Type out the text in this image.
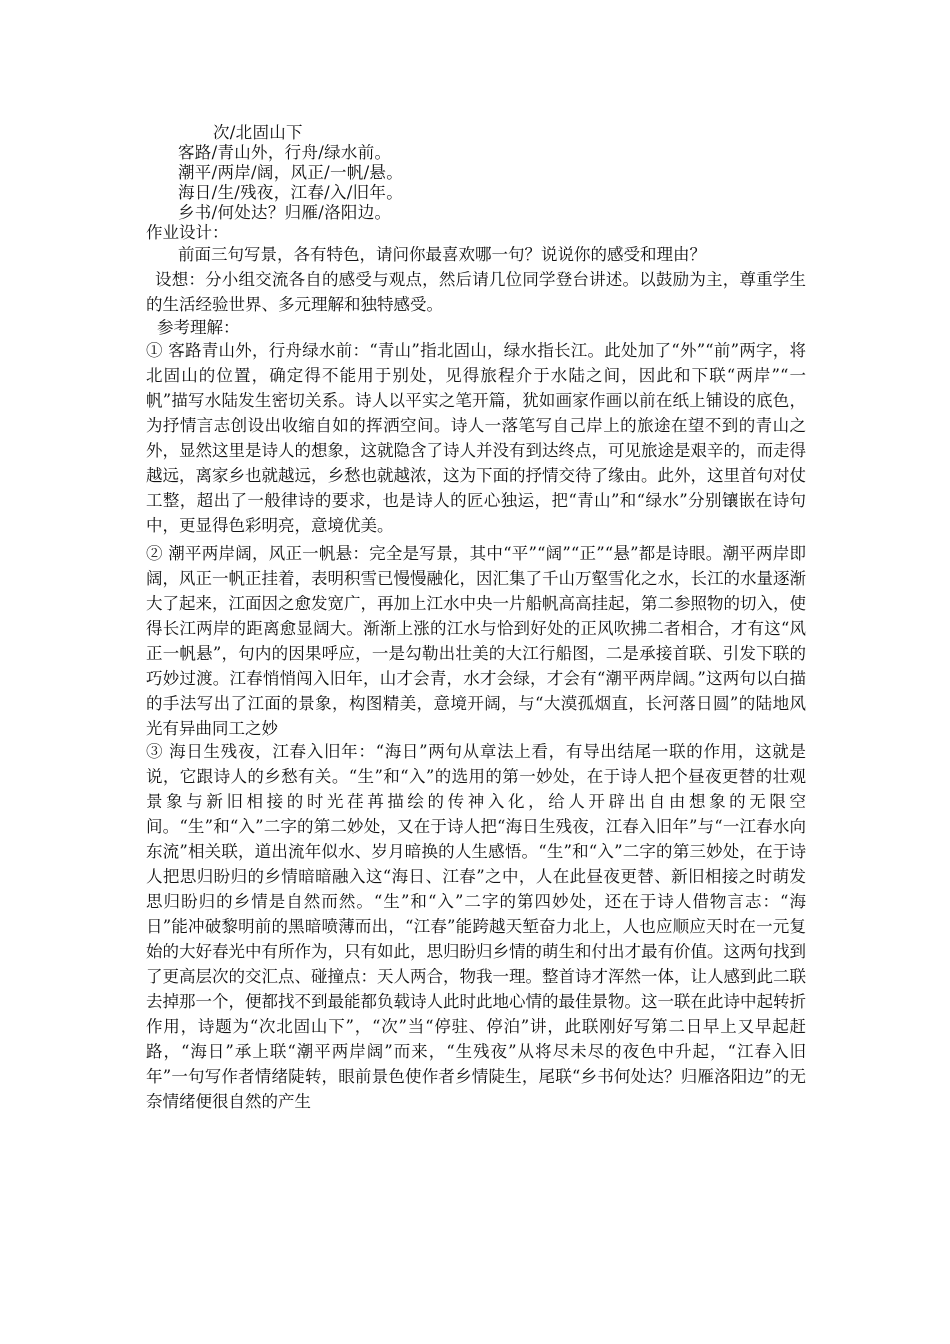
次/北固山下
客路/青山外，行舟/绿水前。
潮平/两岸/阔，风正/一帆/悬。
海日/生/残夜，江春/入/旧年。
乡书/何处达？归雁/洛阳边。
作业设计：
前面三句写景，各有特色，请问你最喜欢哪一句？说说你的感受和理由？
设想：分小组交流各自的感受与观点，然后请几位同学登台讲述。以鼓励为主，尊重学生的生活经验世界、多元理解和独特感受。
参考理解：
① 客路青山外，行舟绿水前：“青山”指北固山，绿水指长江。此处加了“外”“前”两字，将北固山的位置，确定得不能用于别处，见得旅程介于水陆之间，因此和下联“两岸”“一帆”描写水陆发生密切关系。诗人以平实之笔开篇，犹如画家作画以前在纸上铺设的底色，为抒情言志创设出收缩自如的挥洒空间。诗人一落笔写自己岸上的旅途在望不到的青山之外，显然这里是诗人的想象，这就隐含了诗人并没有到达终点，可见旅途是艰辛的，而走得越远，离家乡也就越远，乡愁也就越浓，这为下面的抒情交待了缘由。此外，这里首句对仗工整，超出了一般律诗的要求，也是诗人的匠心独运，把“青山”和“绿水”分别镶嵌在诗句中，更显得色彩明亮，意境优美。
② 潮平两岸阔，风正一帆悬：完全是写景，其中“平”“阔”“正”“悬”都是诗眼。潮平两岸即阔，风正一帆正挂着，表明积雪已慢慢融化，因汇集了千山万壑雪化之水，长江的水量逐渐大了起来，江面因之愈发宽广，再加上江水中央一片船帆高高挂起，第二参照物的切入，使得长江两岸的距离愈显阔大。渐渐上涨的江水与恰到好处的正风吹拂二者相合，才有这“风正一帆悬”，句内的因果呼应，一是勾勒出壮美的大江行船图，二是承接首联、引发下联的巧妙过渡。江春悄悄闯入旧年，山才会青，水才会绿，才会有“潮平两岸阔。”这两句以白描的手法写出了江面的景象，构图精美，意境开阔，与“大漠孤烟直，长河落日圆”的陆地风光有异曲同工之妙
③ 海日生残夜，江春入旧年：“海日”两句从章法上看，有导出结尾一联的作用，这就是说，它跟诗人的乡愁有关。“生”和“入”的选用的第一妙处，在于诗人把个昼夜更替的壮观景象与新旧相接的时光荏苒描绘的传神入化，给人开辟出自由想象的无限空间。“生”和“入”二字的第二妙处，又在于诗人把“海日生残夜，江春入旧年”与“一江春水向东流”相关联，道出流年似水、岁月暗换的人生感悟。“生”和“入”二字的第三妙处，在于诗人把思归盼归的乡情暗暗融入这“海日、江春”之中，人在此昼夜更替、新旧相接之时萌发思归盼归的乡情是自然而然。“生”和“入”二字的第四妙处，还在于诗人借物言志：“海日”能冲破黎明前的黑暗喷薄而出，“江春”能跨越天堑奋力北上，人也应顺应天时在一元复始的大好春光中有所作为，只有如此，思归盼归乡情的萌生和付出才最有价值。这两句找到了更高层次的交汇点、碰撞点：天人两合，物我一理。整首诗才浑然一体，让人感到此二联去掉那一个，便都找不到最能都负载诗人此时此地心情的最佳景物。这一联在此诗中起转折作用，诗题为“次北固山下”，“次”当“停驻、停泊”讲，此联刚好写第二日早上又早起赶路，“海日”承上联“潮平两岸阔”而来，“生残夜”从将尽未尽的夜色中升起，“江春入旧年”一句写作者情绪陡转，眼前景色使作者乡情陡生，尾联“乡书何处达？归雁洛阳边”的无奈情绪便很自然的产生
